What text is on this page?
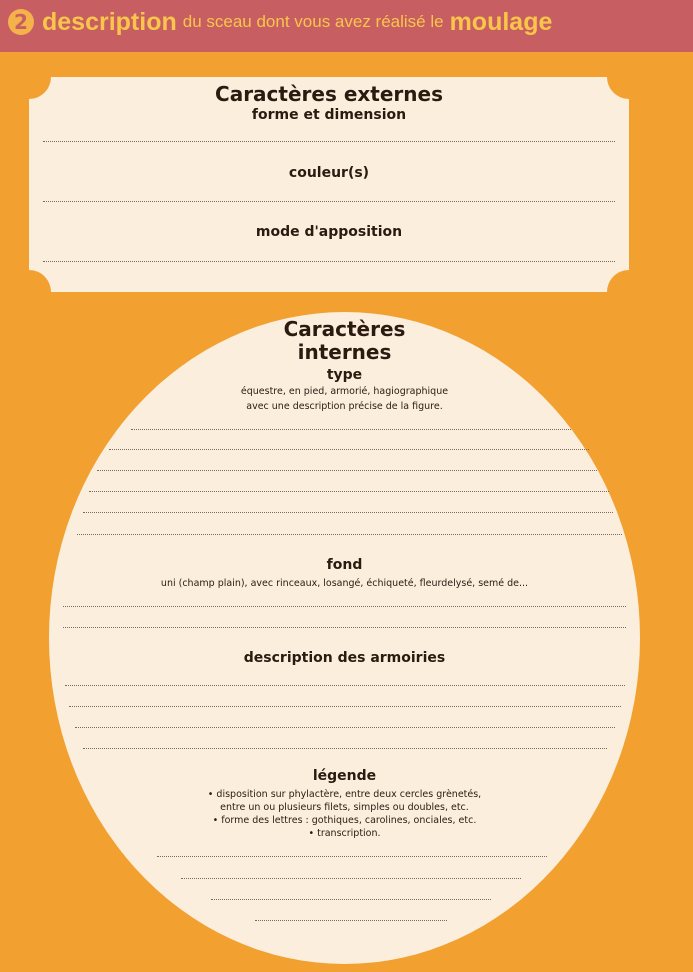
2 description du sceau dont vous avez réalisé le moulage
Caractères externes
forme et dimension
couleur(s)
mode d'apposition
Caractères
internes
type
équestre, en pied, armorié, hagiographique
avec une description précise de la figure.
fond
uni (champ plain), avec rinceaux, losangé, échiqueté, fleurdelysé, semé de...
description des armoiries
légende
• disposition sur phylactère, entre deux cercles grènetés,
entre un ou plusieurs filets, simples ou doubles, etc.
• forme des lettres : gothiques, carolines, onciales, etc.
• transcription.
